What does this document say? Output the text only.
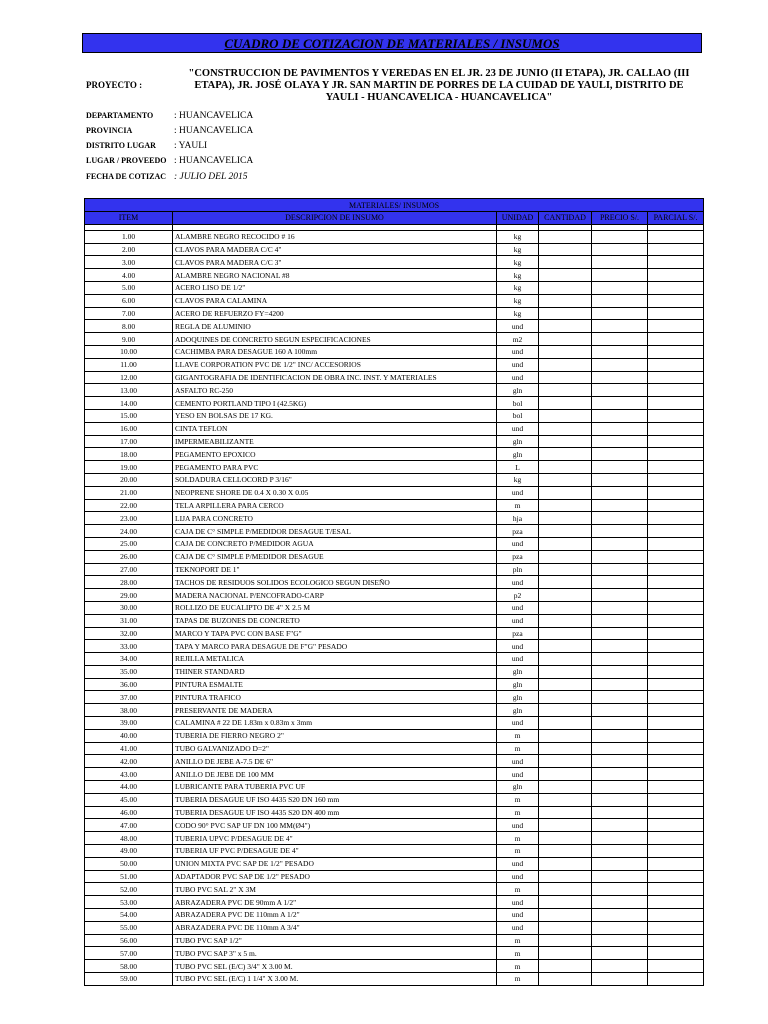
CUADRO DE COTIZACION DE MATERIALES / INSUMOS
PROYECTO :
"CONSTRUCCION DE PAVIMENTOS Y VEREDAS EN EL JR. 23 DE JUNIO (II ETAPA), JR. CALLAO (III ETAPA), JR. JOSÉ OLAYA Y JR. SAN MARTIN DE PORRES DE LA CUIDAD DE YAULI, DISTRITO DE YAULI - HUANCAVELICA - HUANCAVELICA"
DEPARTAMENTO : HUANCAVELICA
PROVINCIA	: HUANCAVELICA
DISTRITO LUGAR : YAULI
LUGAR / PROVEEDO : HUANCAVELICA
FECHA DE COTIZAC : JULIO DEL 2015
MATERIALES/ INSUMOS					
ITEM	DESCRIPCION DE INSUMO	UNIDAD	CANTIDAD	PRECIO S/.	PARCIAL S/.

1.00	ALAMBRE NEGRO RECOCIDO # 16	kg			
2.00	CLAVOS PARA MADERA C/C 4"	kg			
3.00	CLAVOS PARA MADERA C/C 3"	kg			
4.00	ALAMBRE NEGRO NACIONAL #8	kg			
5.00	ACERO LISO DE 1/2"	kg			
6.00	CLAVOS PARA CALAMINA	kg			
7.00	ACERO DE REFUERZO FY=4200	kg			
8.00	REGLA DE ALUMINIO	und			
9.00	ADOQUINES DE CONCRETO SEGUN ESPECIFICACIONES	m2			
10.00	CACHIMBA PARA DESAGUE 160 A 100mm	und			
11.00	LLAVE CORPORATION PVC DE 1/2" INC/ ACCESORIOS	und			
12.00	GIGANTOGRAFIA DE IDENTIFICACION DE OBRA INC. INST. Y MATERIALES	und			
13.00	ASFALTO RC-250	gln			
14.00	CEMENTO PORTLAND TIPO I (42.5KG)	bol			
15.00	YESO EN BOLSAS DE 17 KG.	bol			
16.00	CINTA TEFLON	und			
17.00	IMPERMEABILIZANTE	gln			
18.00	PEGAMENTO EPOXICO	gln			
19.00	PEGAMENTO PARA PVC	L			
20.00	SOLDADURA CELLOCORD P 3/16"	kg			
21.00	NEOPRENE SHORE DE 0.4 X 0.30 X 0.05	und			
22.00	TELA ARPILLERA PARA CERCO	m			
23.00	LIJA PARA CONCRETO	hja			
24.00	CAJA DE C° SIMPLE P/MEDIDOR DESAGUE T/ESAL	pza			
25.00	CAJA DE CONCRETO P/MEDIDOR AGUA	und			
26.00	CAJA DE C° SIMPLE P/MEDIDOR DESAGUE	pza			
27.00	TEKNOPORT DE 1"	pln			
28.00	TACHOS DE RESIDUOS SOLIDOS ECOLOGICO SEGUN DISEÑO	und			
29.00	MADERA NACIONAL P/ENCOFRADO-CARP	p2			
30.00	ROLLIZO DE EUCALIPTO DE 4" X 2.5 M	und			
31.00	TAPAS DE BUZONES DE CONCRETO	und			
32.00	MARCO Y TAPA PVC CON BASE F"G"	pza			
33.00	TAPA Y MARCO PARA DESAGUE DE F"G" PESADO	und			
34.00	REJILLA METALICA	und			
35.00	THINER STANDARD	gln			
36.00	PINTURA ESMALTE	gln			
37.00	PINTURA TRAFICO	gln			
38.00	PRESERVANTE DE MADERA	gln			
39.00	CALAMINA # 22 DE 1.83m x 0.83m x 3mm	und			
40.00	TUBERIA DE FIERRO NEGRO 2"	m			
41.00	TUBO GALVANIZADO D=2"	m			
42.00	ANILLO DE JEBE A-7.5 DE 6"	und			
43.00	ANILLO DE JEBE DE 100 MM	und			
44.00	LUBRICANTE PARA TUBERIA PVC UF	gln			
45.00	TUBERIA DESAGUE UF ISO 4435 S20 DN 160 mm	m			
46.00	TUBERIA DESAGUE UF ISO 4435 S20 DN 400 mm	m			
47.00	CODO 90° PVC SAP UF DN 100 MM(Ø4")	und			
48.00	TUBERIA UPVC P/DESAGUE DE 4"	m			
49.00	TUBERIA UF PVC P/DESAGUE DE 4"	m			
50.00	UNION MIXTA PVC SAP DE 1/2" PESADO	und			
51.00	ADAPTADOR PVC SAP DE 1/2" PESADO	und			
52.00	TUBO PVC SAL 2" X 3M	m			
53.00	ABRAZADERA PVC DE 90mm A 1/2"	und			
54.00	ABRAZADERA PVC DE 110mm A 1/2"	und			
55.00	ABRAZADERA PVC DE 110mm A 3/4"	und			
56.00	TUBO PVC SAP 1/2"	m			
57.00	TUBO PVC SAP 3" x 5 m.	m			
58.00	TUBO PVC SEL (E/C) 3/4" X 3.00 M.	m			
59.00	TUBO PVC SEL (E/C) 1 1/4" X 3.00 M.	m			
